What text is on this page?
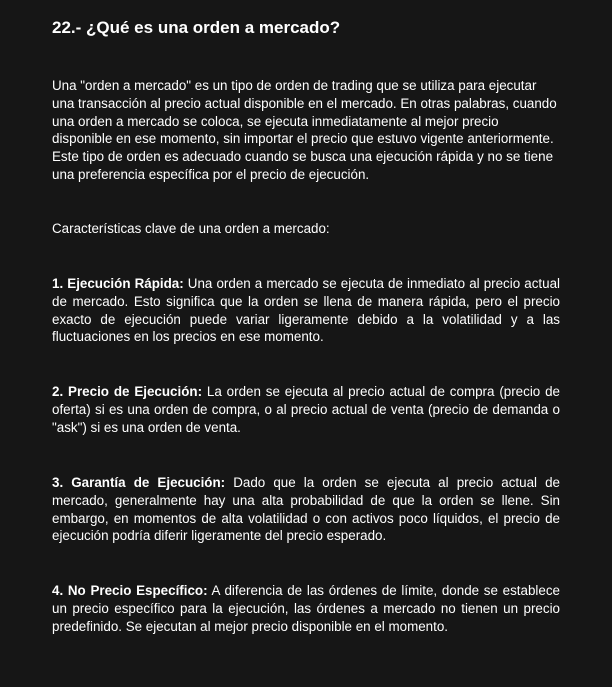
22.- ¿Qué es una orden a mercado?

Una "orden a mercado" es un tipo de orden de trading que se utiliza para ejecutar una transacción al precio actual disponible en el mercado. En otras palabras, cuando una orden a mercado se coloca, se ejecuta inmediatamente al mejor precio disponible en ese momento, sin importar el precio que estuvo vigente anteriormente. Este tipo de orden es adecuado cuando se busca una ejecución rápida y no se tiene una preferencia específica por el precio de ejecución.

Características clave de una orden a mercado:

1. Ejecución Rápida: Una orden a mercado se ejecuta de inmediato al precio actual de mercado. Esto significa que la orden se llena de manera rápida, pero el precio exacto de ejecución puede variar ligeramente debido a la volatilidad y a las fluctuaciones en los precios en ese momento.

2. Precio de Ejecución: La orden se ejecuta al precio actual de compra (precio de oferta) si es una orden de compra, o al precio actual de venta (precio de demanda o "ask") si es una orden de venta.

3. Garantía de Ejecución: Dado que la orden se ejecuta al precio actual de mercado, generalmente hay una alta probabilidad de que la orden se llene. Sin embargo, en momentos de alta volatilidad o con activos poco líquidos, el precio de ejecución podría diferir ligeramente del precio esperado.

4. No Precio Específico: A diferencia de las órdenes de límite, donde se establece un precio específico para la ejecución, las órdenes a mercado no tienen un precio predefinido. Se ejecutan al mejor precio disponible en el momento.
